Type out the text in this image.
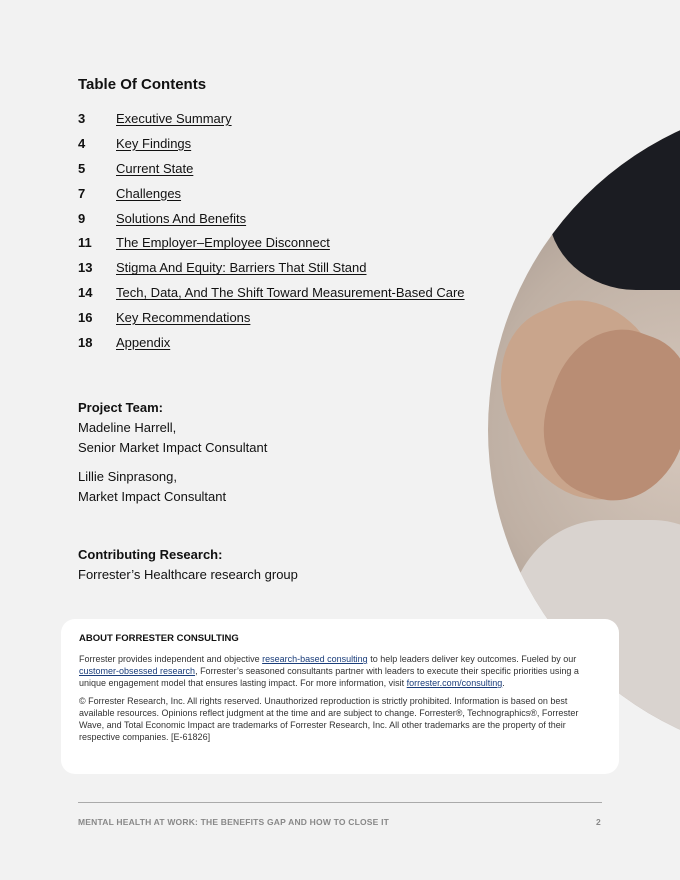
Table Of Contents
3	Executive Summary
4	Key Findings
5	Current State
7	Challenges
9	Solutions And Benefits
11	The Employer–Employee Disconnect
13	Stigma And Equity: Barriers That Still Stand
14	Tech, Data, And The Shift Toward Measurement-Based Care
16	Key Recommendations
18	Appendix

Project Team:

Madeline Harrell,

Senior Market Impact Consultant

Lillie Sinprasong,

Market Impact Consultant

Contributing Research:
Forrester’s Healthcare research group
ABOUT FORRESTER CONSULTING

Forrester provides independent and objective research-based consulting to help leaders deliver key outcomes. Fueled by our customer-obsessed research, Forrester’s seasoned consultants partner with leaders to execute their specific priorities using a unique engagement model that ensures lasting impact. For more information, visit forrester.com/consulting.

© Forrester Research, Inc. All rights reserved. Unauthorized reproduction is strictly prohibited. Information is based on best available resources. Opinions reflect judgment at the time and are subject to change. Forrester®, Technographics®, Forrester Wave, and Total Economic Impact are trademarks of Forrester Research, Inc. All other trademarks are the property of their respective companies. [E-61826]

MENTAL HEALTH AT WORK: THE BENEFITS GAP AND HOW TO CLOSE IT	2
